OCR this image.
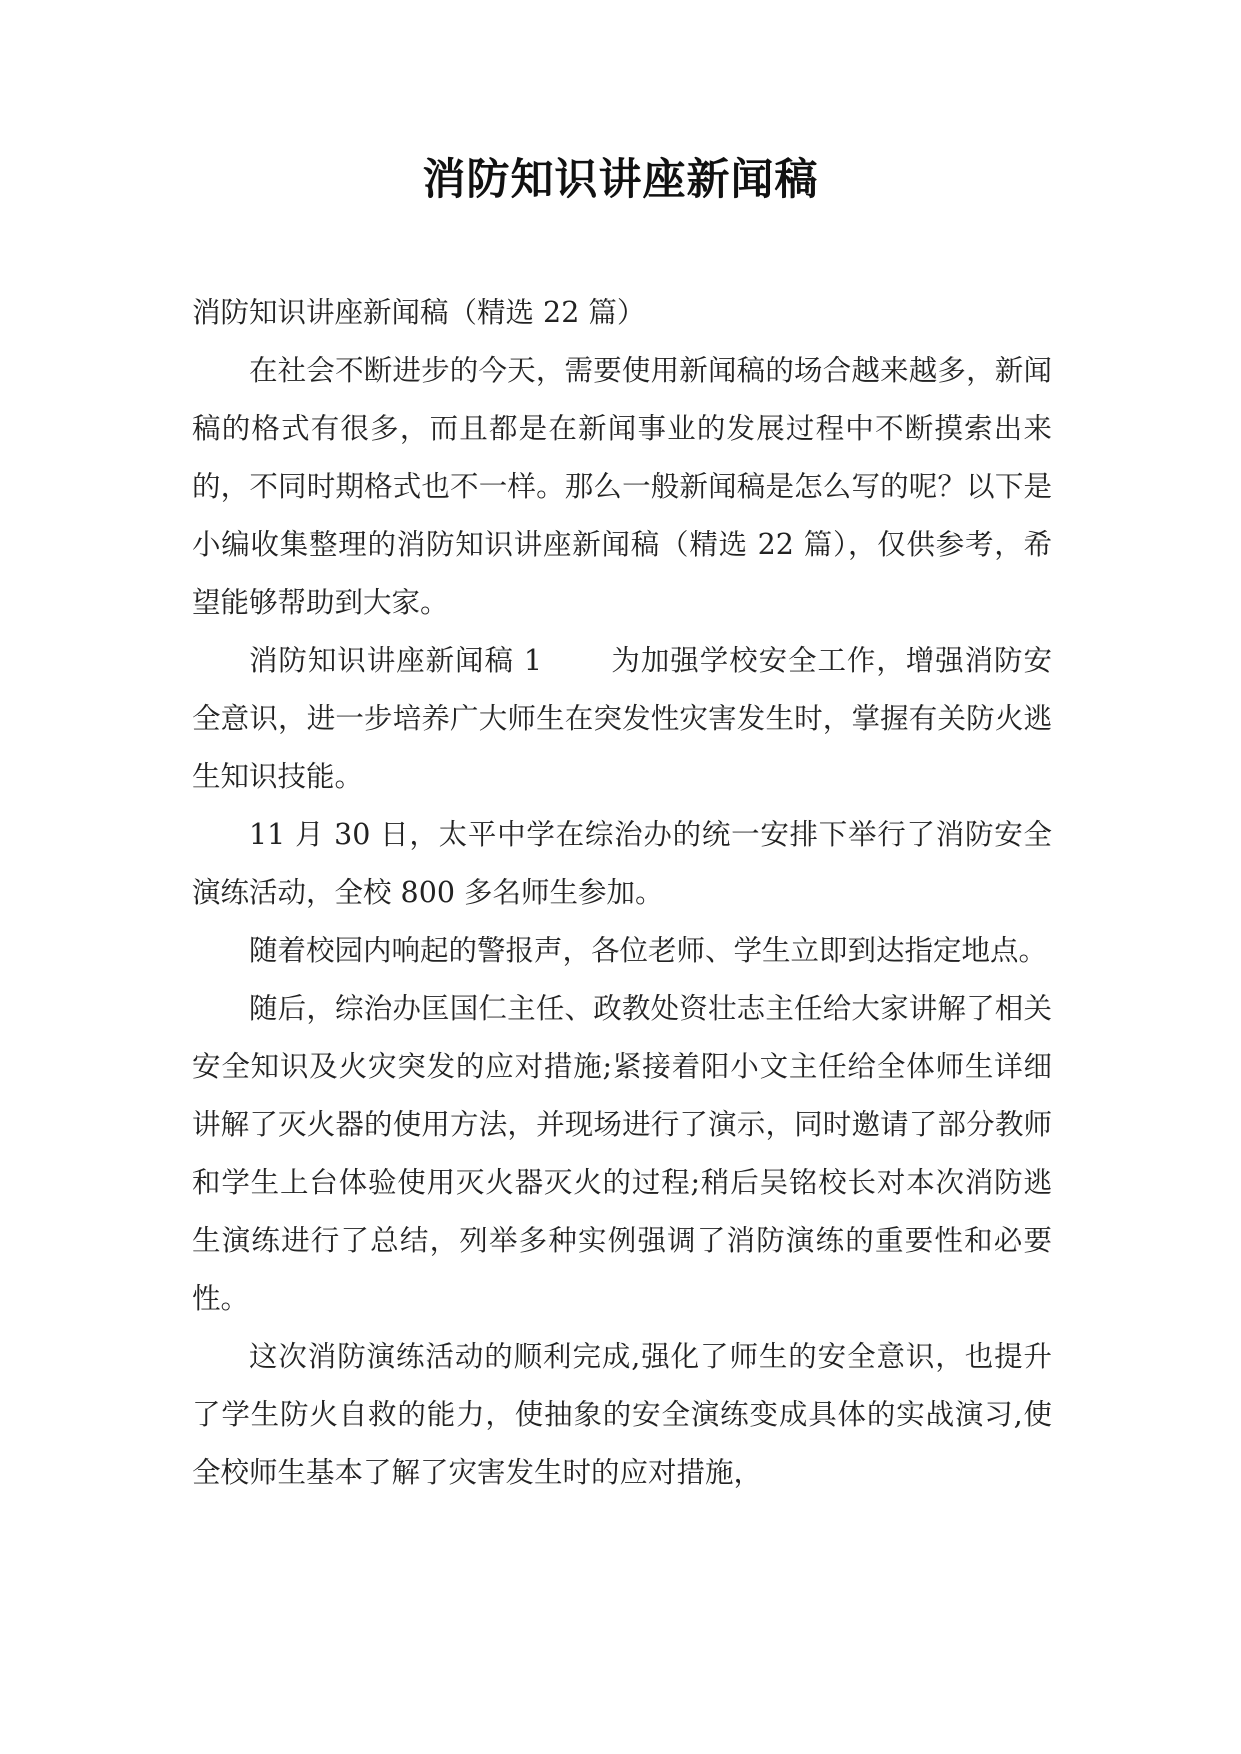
消防知识讲座新闻稿

消防知识讲座新闻稿（精选 22 篇）

在社会不断进步的今天，需要使用新闻稿的场合越来越多，新闻稿的格式有很多，而且都是在新闻事业的发展过程中不断摸索出来的，不同时期格式也不一样。那么一般新闻稿是怎么写的呢？以下是小编收集整理的消防知识讲座新闻稿（精选 22 篇），仅供参考，希望能够帮助到大家。

消防知识讲座新闻稿 1 为加强学校安全工作，增强消防安全意识，进一步培养广大师生在突发性灾害发生时，掌握有关防火逃生知识技能。

11 月 30 日，太平中学在综治办的统一安排下举行了消防安全演练活动，全校 800 多名师生参加。

随着校园内响起的警报声，各位老师、学生立即到达指定地点。

随后，综治办匡国仁主任、政教处资壮志主任给大家讲解了相关安全知识及火灾突发的应对措施;紧接着阳小文主任给全体师生详细讲解了灭火器的使用方法，并现场进行了演示，同时邀请了部分教师和学生上台体验使用灭火器灭火的过程;稍后吴铭校长对本次消防逃生演练进行了总结，列举多种实例强调了消防演练的重要性和必要性。

这次消防演练活动的顺利完成,强化了师生的安全意识，也提升了学生防火自救的能力，使抽象的安全演练变成具体的实战演习,使全校师生基本了解了灾害发生时的应对措施，
